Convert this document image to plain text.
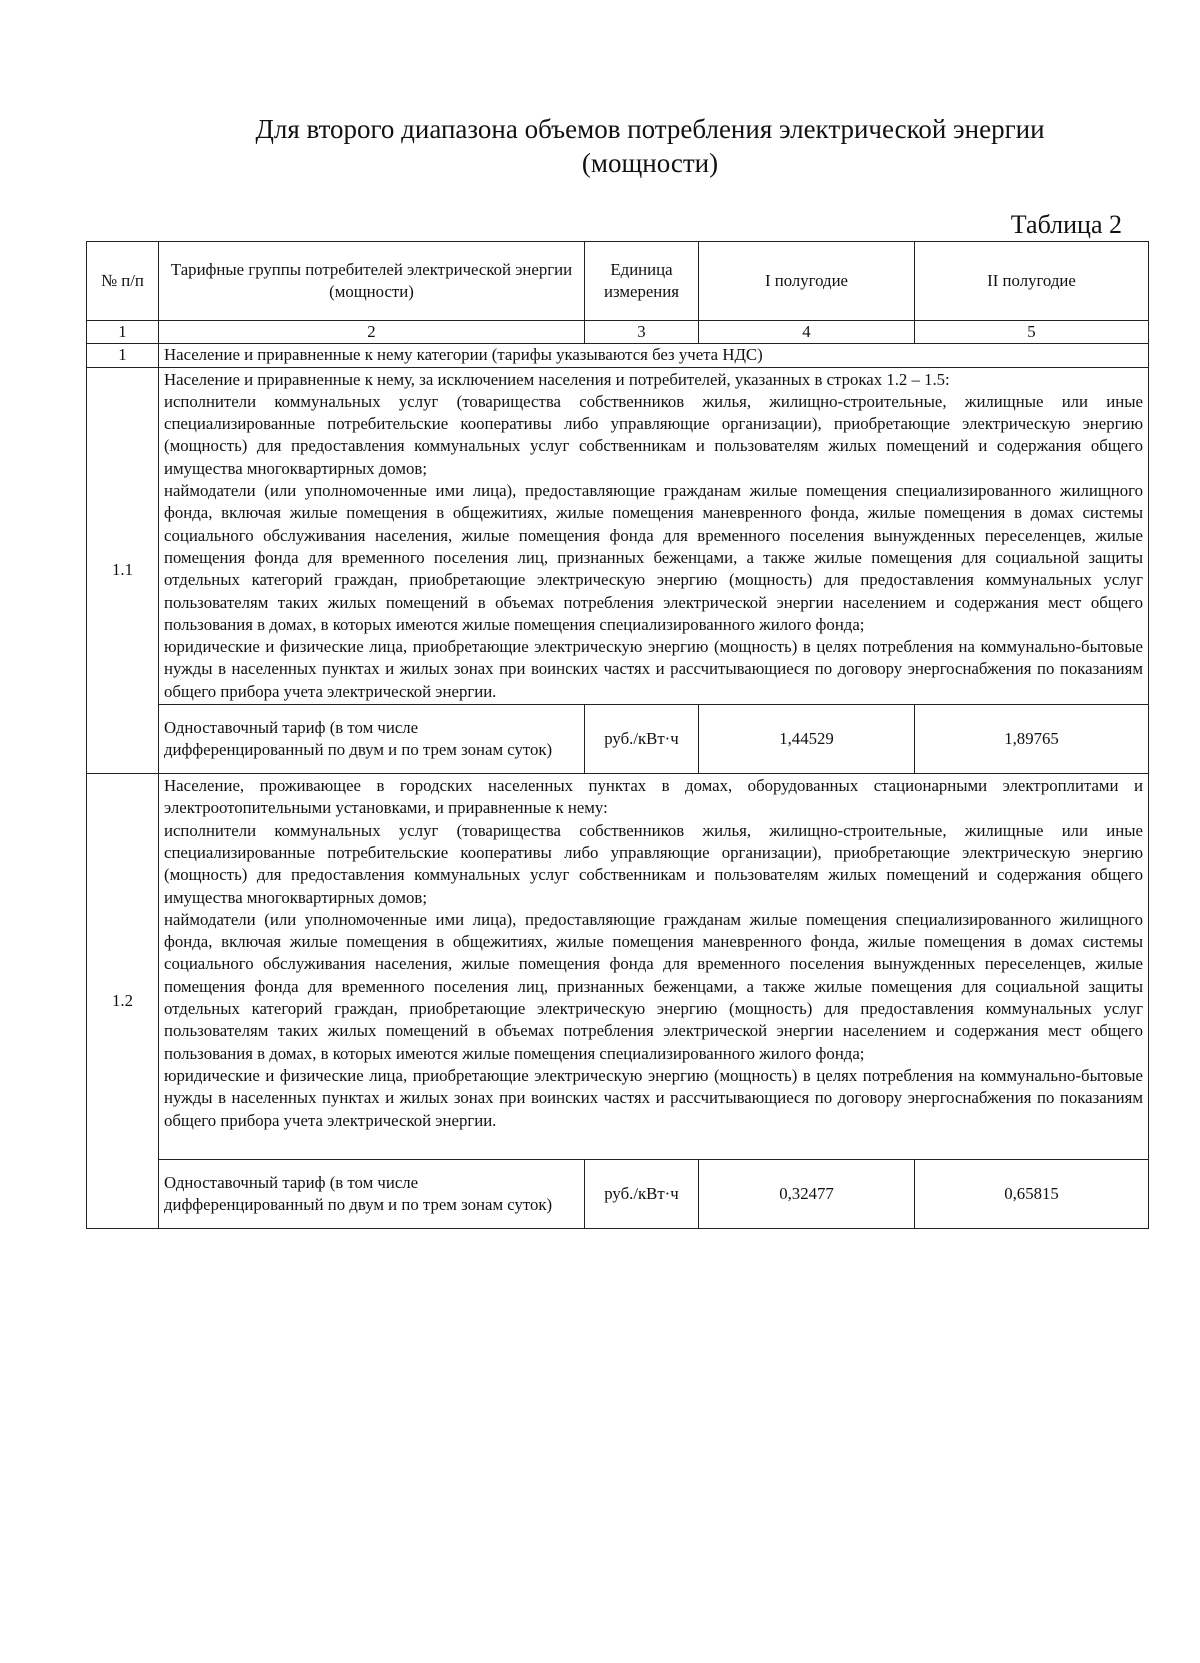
Для второго диапазона объемов потребления электрической энергии
(мощности)
Таблица 2
№ п/п	Тарифные группы потребителей электрической энергии (мощности)	Единица измерения	I полугодие	II полугодие
1	2	3	4	5
1	Население и приравненные к нему категории (тарифы указываются без учета НДС)			
1.1	Население и приравненные к нему, за исключением населения и потребителей, указанных в строках 1.2 – 1.5:
исполнители коммунальных услуг (товарищества собственников жилья, жилищно-строительные, жилищные или иные специализированные потребительские кооперативы либо управляющие организации), приобретающие электрическую энергию (мощность) для предоставления коммунальных услуг собственникам и пользователям жилых помещений и содержания общего имущества многоквартирных домов;
наймодатели (или уполномоченные ими лица), предоставляющие гражданам жилые помещения специализированного жилищного фонда, включая жилые помещения в общежитиях, жилые помещения маневренного фонда, жилые помещения в домах системы социального обслуживания населения, жилые помещения фонда для временного поселения вынужденных переселенцев, жилые помещения фонда для временного поселения лиц, признанных беженцами, а также жилые помещения для социальной защиты отдельных категорий граждан, приобретающие электрическую энергию (мощность) для предоставления коммунальных услуг пользователям таких жилых помещений в объемах потребления электрической энергии населением и содержания мест общего пользования в домах, в которых имеются жилые помещения специализированного жилого фонда;
юридические и физические лица, приобретающие электрическую энергию (мощность) в целях потребления на коммунально-бытовые нужды в населенных пунктах и жилых зонах при воинских частях и рассчитывающиеся по договору энергоснабжения по показаниям общего прибора учета электрической энергии.			

	Одноставочный тариф (в том числе дифференцированный по двум и по трем зонам суток)	руб./кВт·ч	1,44529	1,89765
1.2	Население, проживающее в городских населенных пунктах в домах, оборудованных стационарными электроплитами и электроотопительными установками, и приравненные к нему:
исполнители коммунальных услуг (товарищества собственников жилья, жилищно-строительные, жилищные или иные специализированные потребительские кооперативы либо управляющие организации), приобретающие электрическую энергию (мощность) для предоставления коммунальных услуг собственникам и пользователям жилых помещений и содержания общего имущества многоквартирных домов;
наймодатели (или уполномоченные ими лица), предоставляющие гражданам жилые помещения специализированного жилищного фонда, включая жилые помещения в общежитиях, жилые помещения маневренного фонда, жилые помещения в домах системы социального обслуживания населения, жилые помещения фонда для временного поселения вынужденных переселенцев, жилые помещения фонда для временного поселения лиц, признанных беженцами, а также жилые помещения для социальной защиты отдельных категорий граждан, приобретающие электрическую энергию (мощность) для предоставления коммунальных услуг пользователям таких жилых помещений в объемах потребления электрической энергии населением и содержания мест общего пользования в домах, в которых имеются жилые помещения специализированного жилого фонда;
юридические и физические лица, приобретающие электрическую энергию (мощность) в целях потребления на коммунально-бытовые нужды в населенных пунктах и жилых зонах при воинских частях и рассчитывающиеся по договору энергоснабжения по показаниям общего прибора учета электрической энергии.			

	Одноставочный тариф (в том числе дифференцированный по двум и по трем зонам суток)	руб./кВт·ч	0,32477	0,65815
